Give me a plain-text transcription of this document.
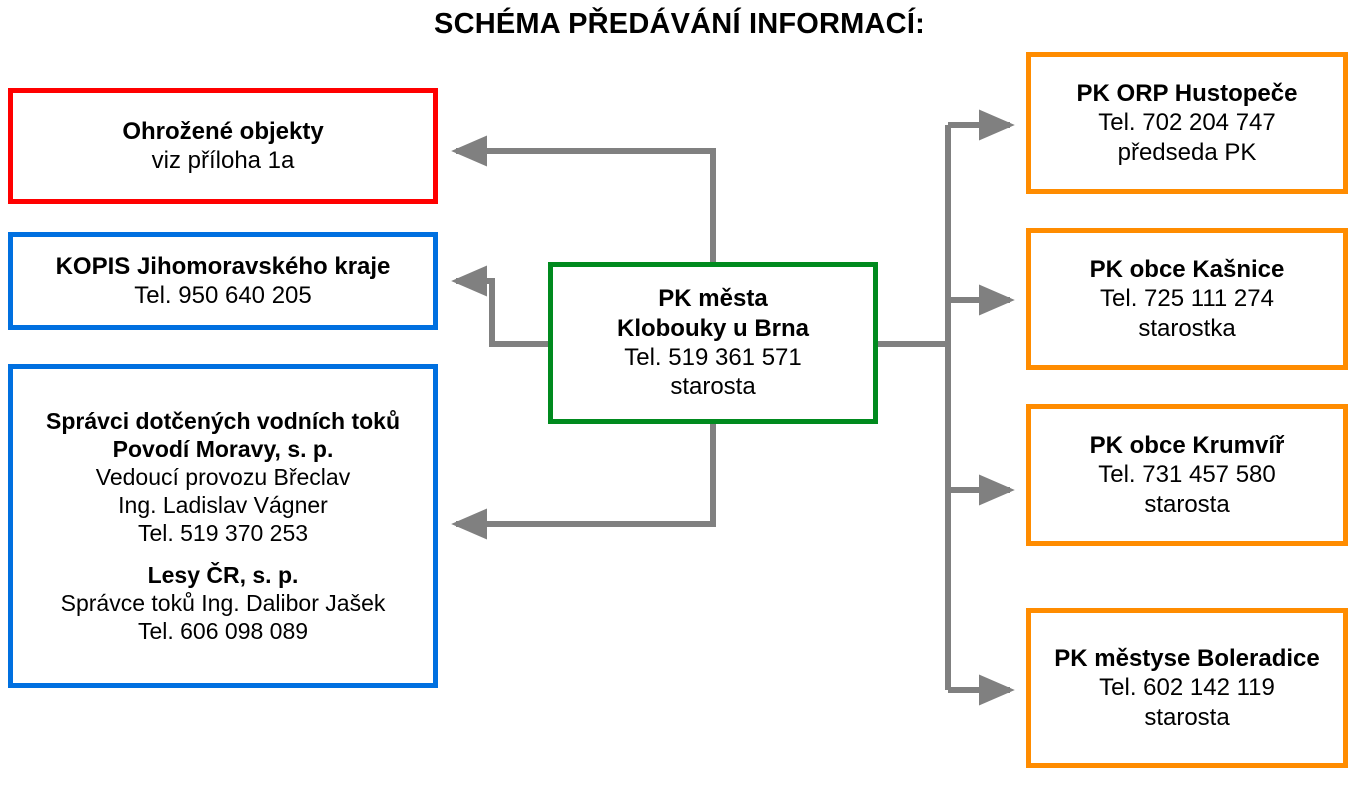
SCHÉMA PŘEDÁVÁNÍ INFORMACÍ:
Ohrožené objekty
viz příloha 1a
KOPIS Jihomoravského kraje
Tel. 950 640 205
Správci dotčených vodních toků
Povodí Moravy, s. p.
Vedoucí provozu Břeclav
Ing. Ladislav Vágner
Tel. 519 370 253
Lesy ČR, s. p.
Správce toků Ing. Dalibor Jašek
Tel. 606 098 089
PK města
Klobouky u Brna
Tel. 519 361 571
starosta
PK ORP Hustopeče
Tel. 702 204 747
předseda PK
PK obce Kašnice
Tel. 725 111 274
starostka
PK obce Krumvíř
Tel. 731 457 580
starosta
PK městyse Boleradice
Tel. 602 142 119
starosta
